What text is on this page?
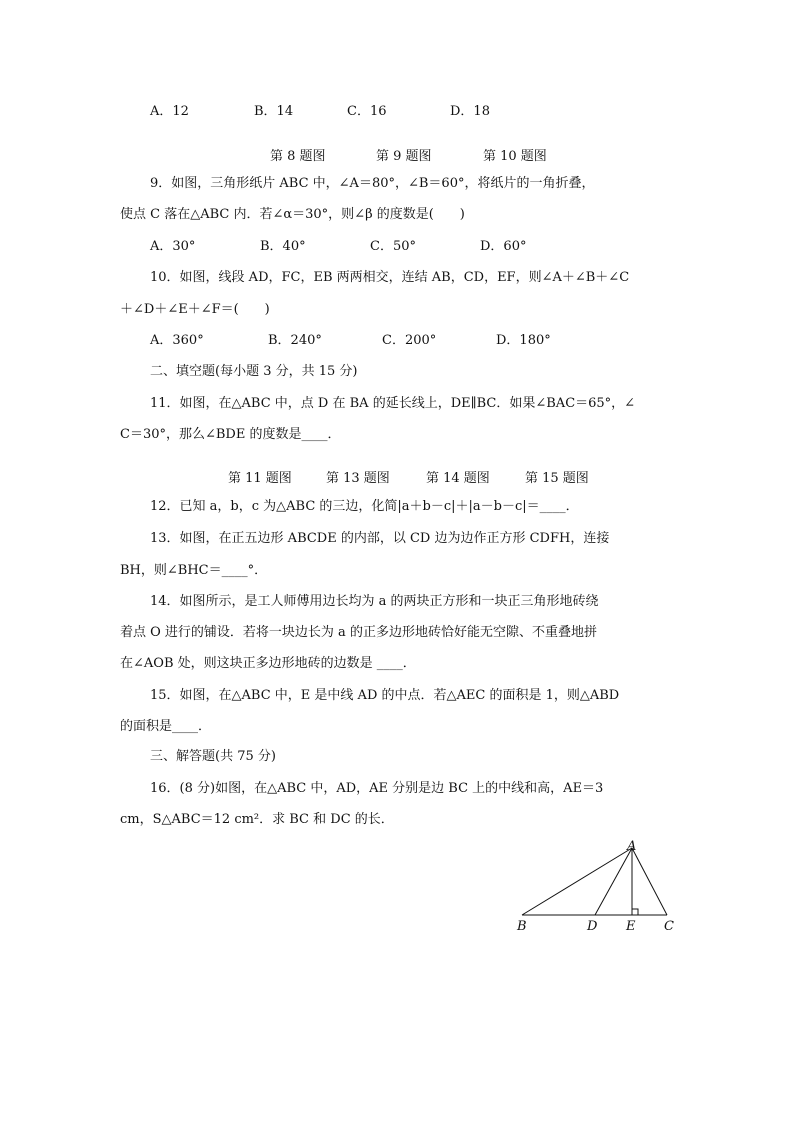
A．12	B．14	C．16	D．18
第 8 题图	第 9 题图	第 10 题图
9．如图，三角形纸片 ABC 中，∠A＝80°，∠B＝60°，将纸片的一角折叠，
使点 C 落在△ABC 内．若∠α＝30°，则∠β 的度数是(　　)
A．30°	B．40°	C．50°	D．60°
10．如图，线段 AD，FC，EB 两两相交，连结 AB，CD，EF，则∠A＋∠B＋∠C
＋∠D＋∠E＋∠F＝(　　)
A．360°	B．240°	C．200°	D．180°
二、填空题(每小题 3 分，共 15 分)
11．如图，在△ABC 中，点 D 在 BA 的延长线上，DE∥BC．如果∠BAC＝65°，∠
C＝30°，那么∠BDE 的度数是____．
第 11 题图	第 13 题图	第 14 题图	第 15 题图
12．已知 a，b，c 为△ABC 的三边，化简|a＋b－c|＋|a－b－c|＝____．
13．如图，在正五边形 ABCDE 的内部，以 CD 边为边作正方形 CDFH，连接
BH，则∠BHC＝____°．
14．如图所示，是工人师傅用边长均为 a 的两块正方形和一块正三角形地砖绕
着点 O 进行的铺设．若将一块边长为 a 的正多边形地砖恰好能无空隙、不重叠地拼
在∠AOB 处，则这块正多边形地砖的边数是 ____．
15．如图，在△ABC 中，E 是中线 AD 的中点．若△AEC 的面积是 1，则△ABD
的面积是____．
三、解答题(共 75 分)
16．(8 分)如图，在△ABC 中，AD，AE 分别是边 BC 上的中线和高，AE＝3
cm，S△ABC＝12 cm²．求 BC 和 DC 的长．
A
B	D E C
